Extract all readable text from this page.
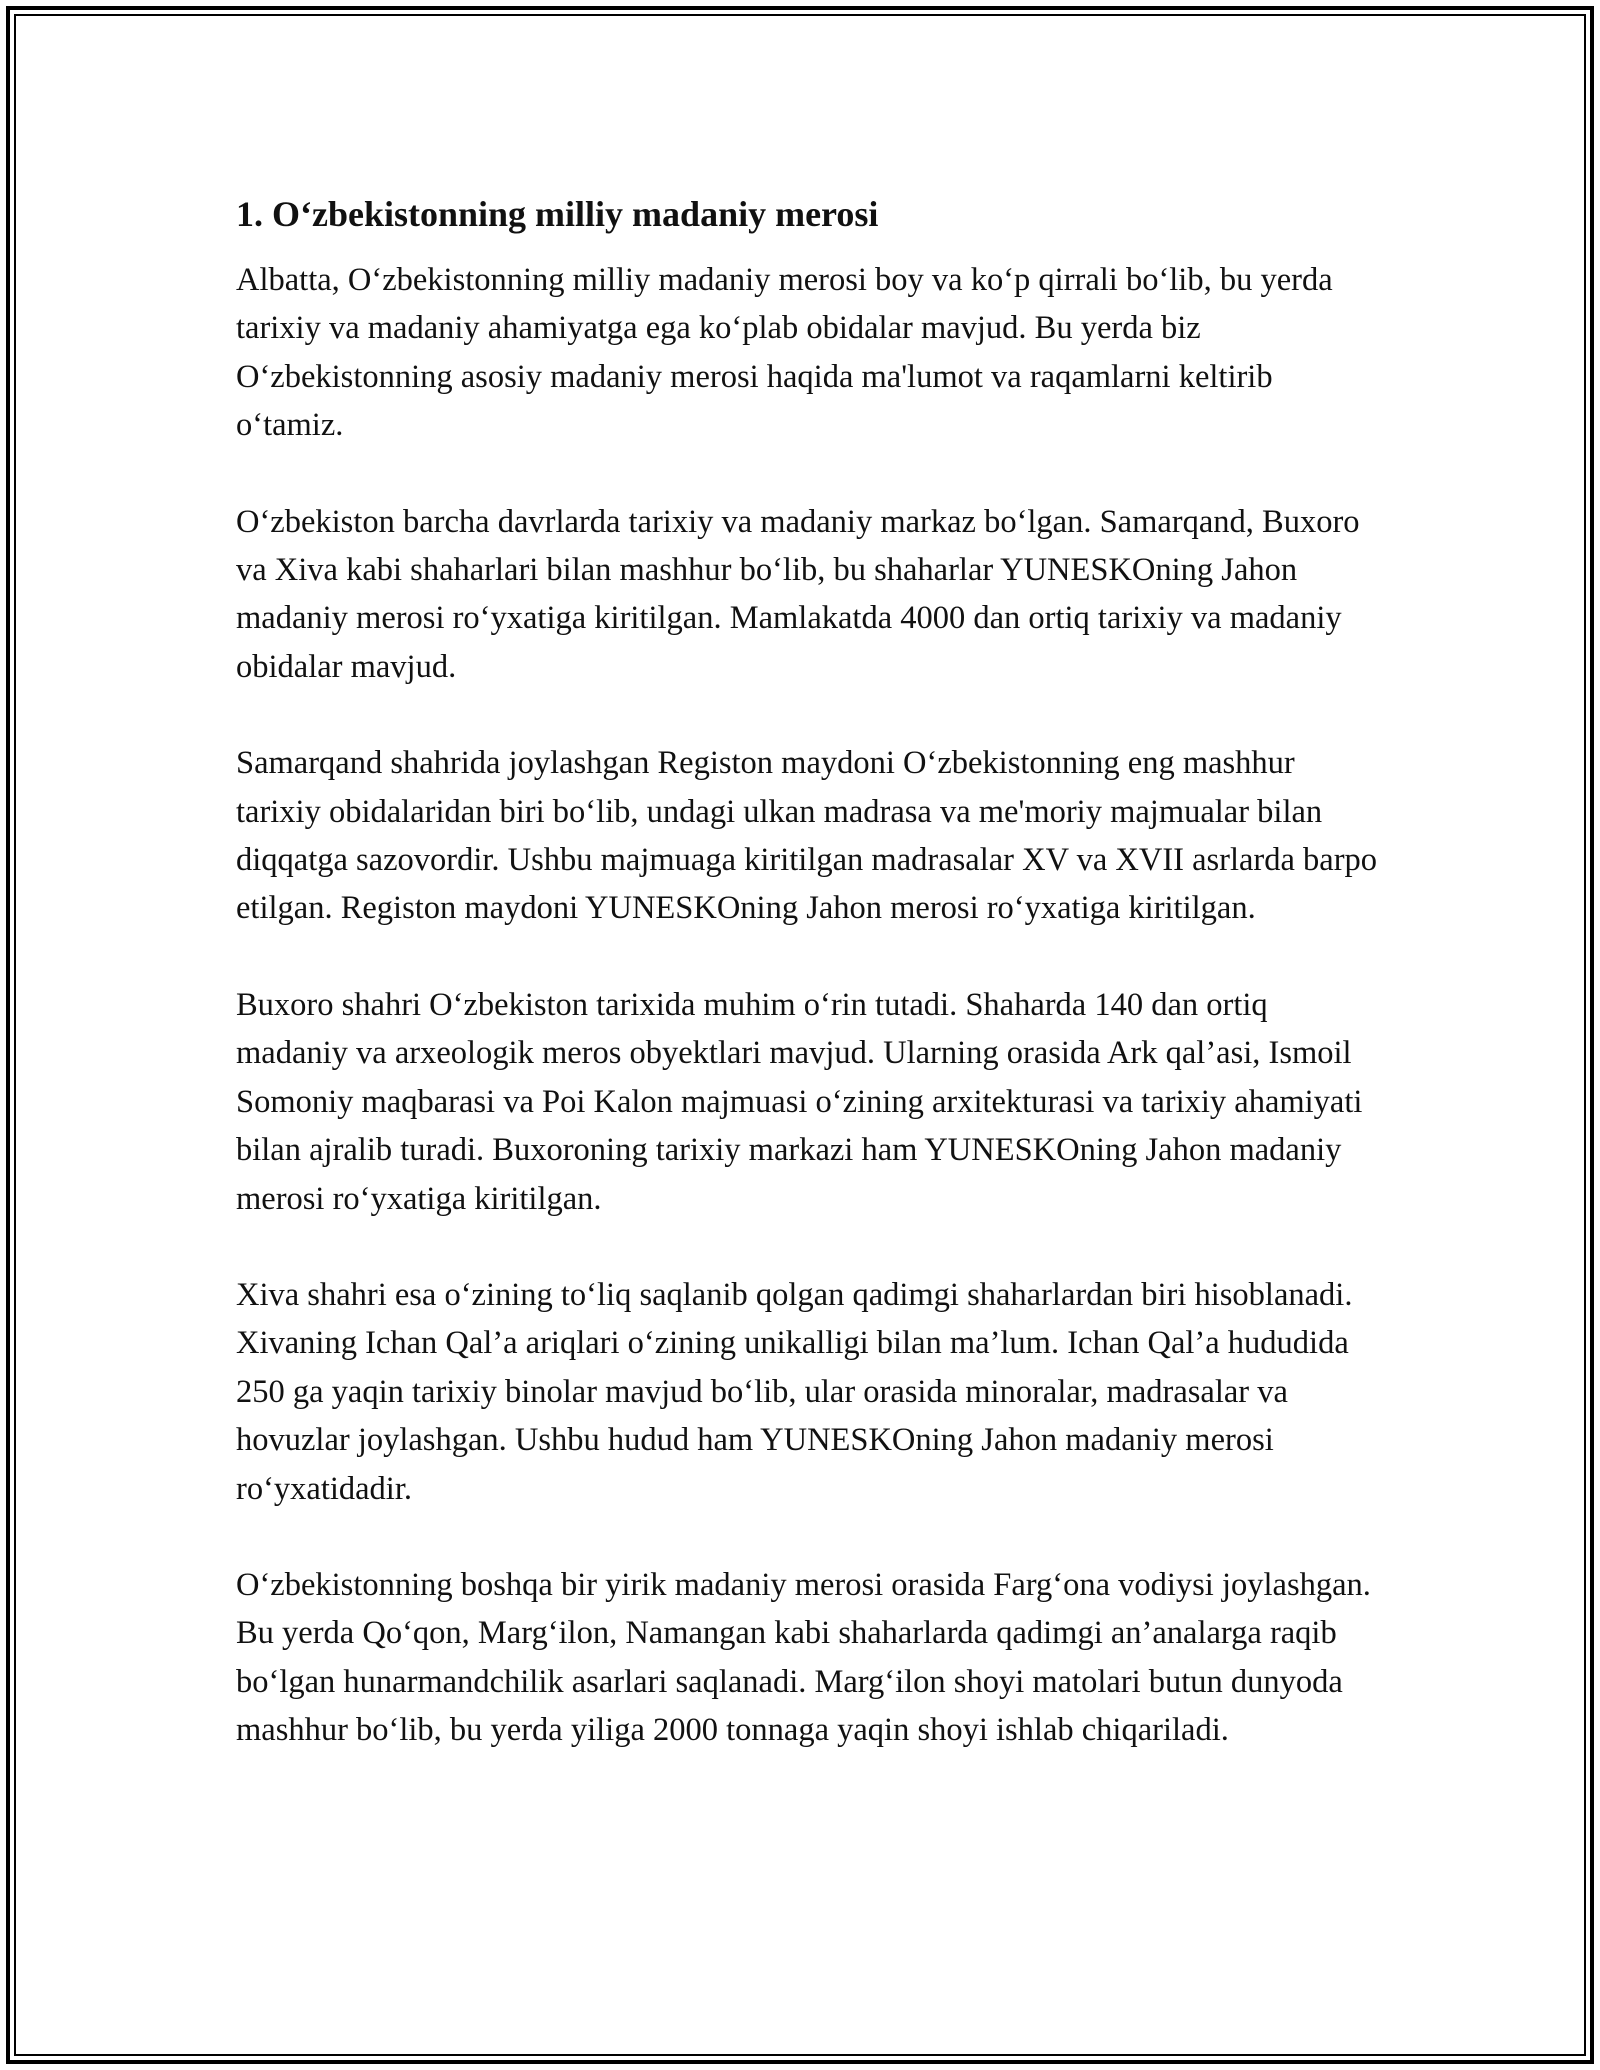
1. O‘zbekistonning milliy madaniy merosi

Albatta, O‘zbekistonning milliy madaniy merosi boy va ko‘p qirrali bo‘lib, bu yerda tarixiy va madaniy ahamiyatga ega ko‘plab obidalar mavjud. Bu yerda biz O‘zbekistonning asosiy madaniy merosi haqida ma'lumot va raqamlarni keltirib o‘tamiz.

O‘zbekiston barcha davrlarda tarixiy va madaniy markaz bo‘lgan. Samarqand, Buxoro va Xiva kabi shaharlari bilan mashhur bo‘lib, bu shaharlar YUNESKOning Jahon madaniy merosi ro‘yxatiga kiritilgan. Mamlakatda 4000 dan ortiq tarixiy va madaniy obidalar mavjud.

Samarqand shahrida joylashgan Registon maydoni O‘zbekistonning eng mashhur tarixiy obidalaridan biri bo‘lib, undagi ulkan madrasa va me'moriy majmualar bilan diqqatga sazovordir. Ushbu majmuaga kiritilgan madrasalar XV va XVII asrlarda barpo etilgan. Registon maydoni YUNESKOning Jahon merosi ro‘yxatiga kiritilgan.

Buxoro shahri O‘zbekiston tarixida muhim o‘rin tutadi. Shaharda 140 dan ortiq madaniy va arxeologik meros obyektlari mavjud. Ularning orasida Ark qal’asi, Ismoil Somoniy maqbarasi va Poi Kalon majmuasi o‘zining arxitekturasi va tarixiy ahamiyati bilan ajralib turadi. Buxoroning tarixiy markazi ham YUNESKOning Jahon madaniy merosi ro‘yxatiga kiritilgan.

Xiva shahri esa o‘zining to‘liq saqlanib qolgan qadimgi shaharlardan biri hisoblanadi. Xivaning Ichan Qal’a ariqlari o‘zining unikalligi bilan ma’lum. Ichan Qal’a hududida 250 ga yaqin tarixiy binolar mavjud bo‘lib, ular orasida minoralar, madrasalar va hovuzlar joylashgan. Ushbu hudud ham YUNESKOning Jahon madaniy merosi ro‘yxatidadir.

O‘zbekistonning boshqa bir yirik madaniy merosi orasida Farg‘ona vodiysi joylashgan. Bu yerda Qo‘qon, Marg‘ilon, Namangan kabi shaharlarda qadimgi an’analarga raqib bo‘lgan hunarmandchilik asarlari saqlanadi. Marg‘ilon shoyi matolari butun dunyoda mashhur bo‘lib, bu yerda yiliga 2000 tonnaga yaqin shoyi ishlab chiqariladi.
